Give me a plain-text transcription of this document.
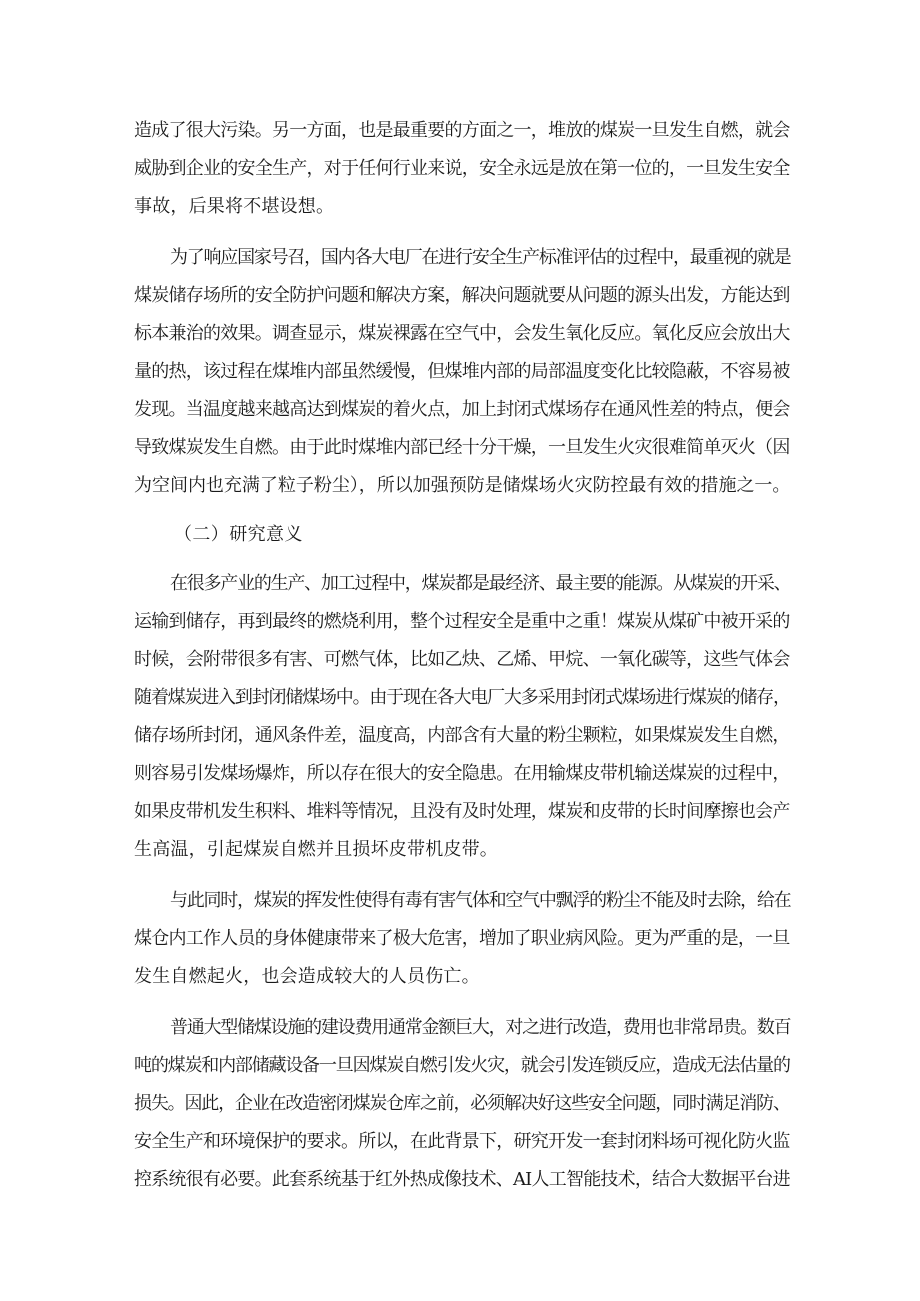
造成了很大污染。另一方面，也是最重要的方面之一，堆放的煤炭一旦发生自燃，就会
威胁到企业的安全生产，对于任何行业来说，安全永远是放在第一位的，一旦发生安全
事故，后果将不堪设想。
为了响应国家号召，国内各大电厂在进行安全生产标准评估的过程中，最重视的就是
煤炭储存场所的安全防护问题和解决方案，解决问题就要从问题的源头出发，方能达到
标本兼治的效果。调查显示，煤炭裸露在空气中，会发生氧化反应。氧化反应会放出大
量的热，该过程在煤堆内部虽然缓慢，但煤堆内部的局部温度变化比较隐蔽，不容易被
发现。当温度越来越高达到煤炭的着火点，加上封闭式煤场存在通风性差的特点，便会
导致煤炭发生自燃。由于此时煤堆内部已经十分干燥，一旦发生火灾很难简单灭火（因
为空间内也充满了粒子粉尘），所以加强预防是储煤场火灾防控最有效的措施之一。
（二）研究意义
在很多产业的生产、加工过程中，煤炭都是最经济、最主要的能源。从煤炭的开采、
运输到储存，再到最终的燃烧利用，整个过程安全是重中之重！煤炭从煤矿中被开采的
时候，会附带很多有害、可燃气体，比如乙炔、乙烯、甲烷、一氧化碳等，这些气体会
随着煤炭进入到封闭储煤场中。由于现在各大电厂大多采用封闭式煤场进行煤炭的储存，
储存场所封闭，通风条件差，温度高，内部含有大量的粉尘颗粒，如果煤炭发生自燃，
则容易引发煤场爆炸，所以存在很大的安全隐患。在用输煤皮带机输送煤炭的过程中，
如果皮带机发生积料、堆料等情况，且没有及时处理，煤炭和皮带的长时间摩擦也会产
生高温，引起煤炭自燃并且损坏皮带机皮带。
与此同时，煤炭的挥发性使得有毒有害气体和空气中飘浮的粉尘不能及时去除，给在
煤仓内工作人员的身体健康带来了极大危害，增加了职业病风险。更为严重的是，一旦
发生自燃起火，也会造成较大的人员伤亡。
普通大型储煤设施的建设费用通常金额巨大，对之进行改造，费用也非常昂贵。数百
吨的煤炭和内部储藏设备一旦因煤炭自燃引发火灾，就会引发连锁反应，造成无法估量的
损失。因此，企业在改造密闭煤炭仓库之前，必须解决好这些安全问题，同时满足消防、
安全生产和环境保护的要求。所以，在此背景下，研究开发一套封闭料场可视化防火监
控系统很有必要。此套系统基于红外热成像技术、AI人工智能技术，结合大数据平台进
